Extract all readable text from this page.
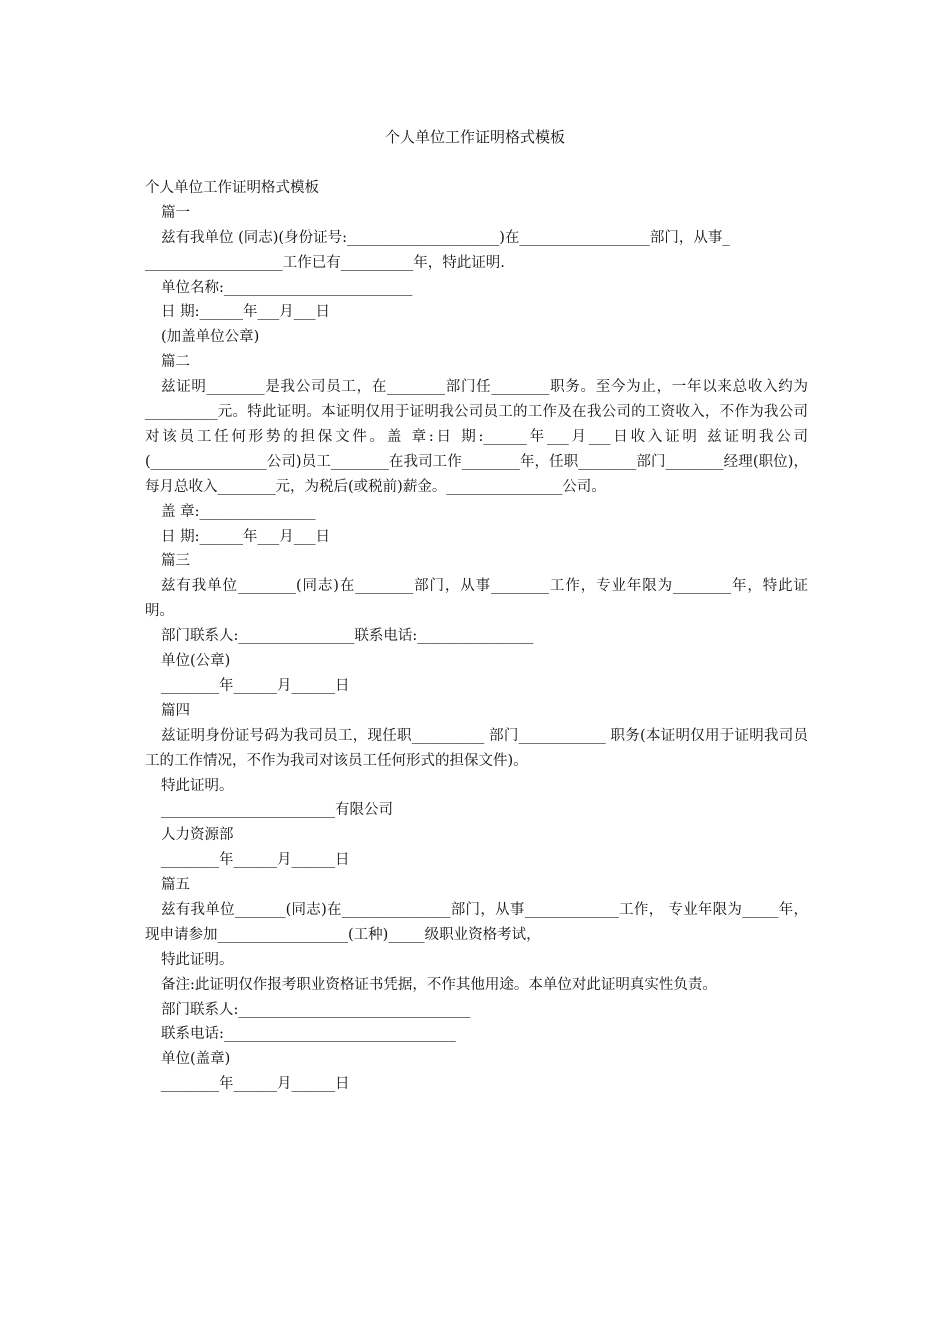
个人单位工作证明格式模板
个人单位工作证明格式模板
篇一
兹有我单位 (同志)(身份证号:_____________________)在__________________部门，从事_
___________________工作已有__________年，特此证明.
单位名称:__________________________
日 期:______年___月___日
(加盖单位公章)
篇二
兹证明________是我公司员工，在________部门任________职务。至今为止，一年以来总收入约为__________元。特此证明。本证明仅用于证明我公司员工的工作及在我公司的工资收入，不作为我公司对该员工任何形势的担保文件。盖 章:日 期:______年___月___日收入证明 兹证明我公司(________________公司)员工________在我司工作________年，任职________部门________经理(职位)，每月总收入________元，为税后(或税前)薪金。________________公司。
盖 章:________________
日 期:______年___月___日
篇三
兹有我单位________(同志)在________部门，从事________工作，专业年限为________年，特此证明。
部门联系人:________________联系电话:________________
单位(公章)
________年______月______日
篇四
兹证明身份证号码为我司员工，现任职__________ 部门____________ 职务(本证明仅用于证明我司员工的工作情况，不作为我司对该员工任何形式的担保文件)。
特此证明。
________________________有限公司
人力资源部
________年______月______日
篇五
兹有我单位_______(同志)在_______________部门，从事_____________工作， 专业年限为_____年，现申请参加__________________(工种)_____级职业资格考试，
特此证明。
备注:此证明仅作报考职业资格证书凭据，不作其他用途。本单位对此证明真实性负责。
部门联系人:________________________________
联系电话:________________________________
单位(盖章)
________年______月______日
